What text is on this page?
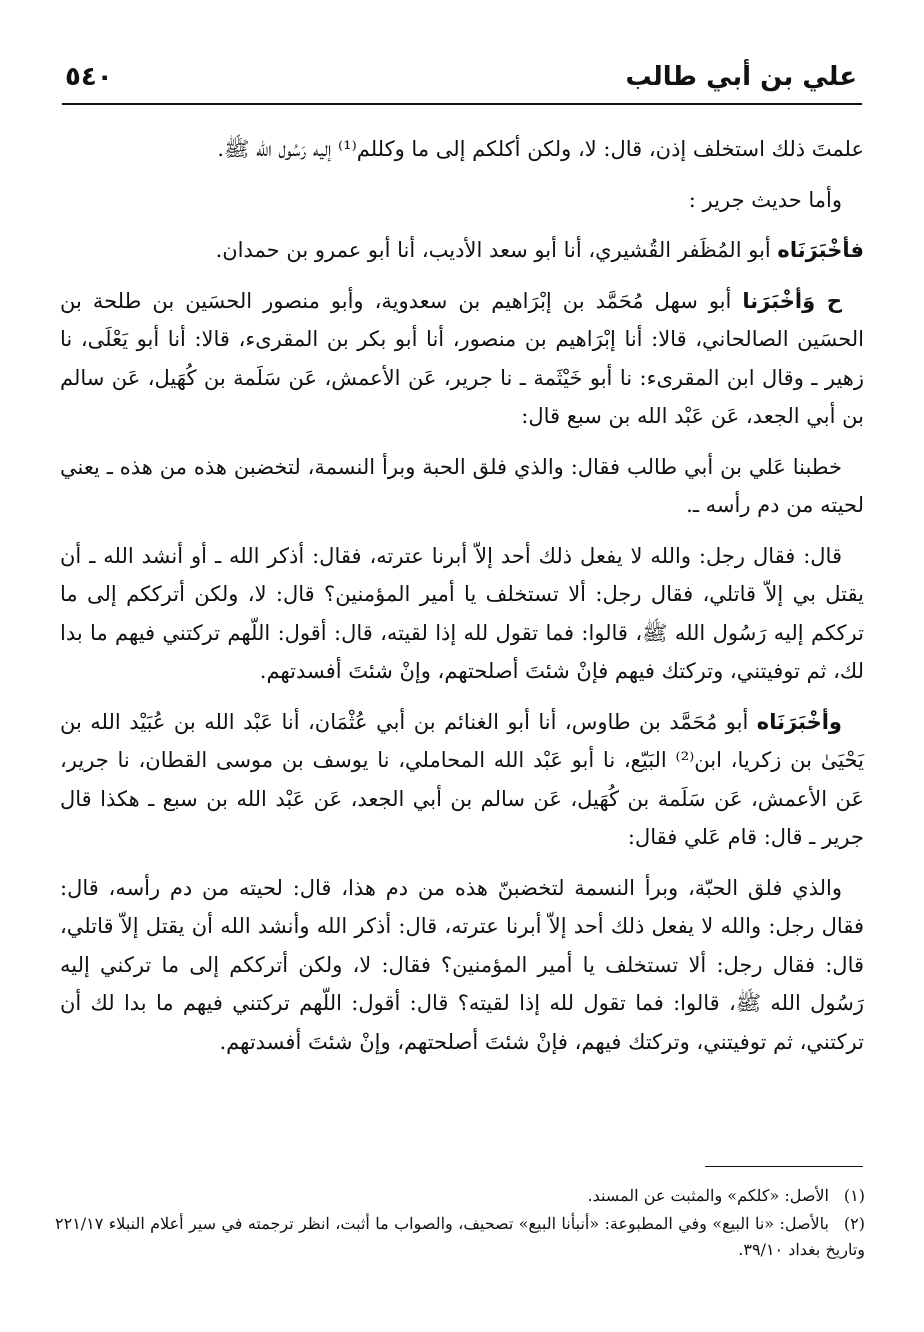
علي بن أبي طالب
٥٤٠

علمتَ ذلك استخلف إذن، قال: لا، ولكن أكلكم إلى ما وكللم⁽¹⁾ إليه رَسُول الله ﷺ.

وأما حديث جرير :

فأخْبَرَنَاه أبو المُظَفر القُشيري، أنا أبو سعد الأديب، أنا أبو عمرو بن حمدان.

ح وَأخْبَرَنا أبو سهل مُحَمَّد بن إبْرَاهيم بن سعدوية، وأبو منصور الحسَين بن طلحة بن الحسَين الصالحاني، قالا: أنا إبْرَاهيم بن منصور، أنا أبو بكر بن المقرىء، قالا: أنا أبو يَعْلَى، نا زهير ـ وقال ابن المقرىء: نا أبو خَيْثَمة ـ نا جرير، عَن الأعمش، عَن سَلَمة بن كُهَيل، عَن سالم بن أبي الجعد، عَن عَبْد الله بن سبع قال:

خطبنا عَلي بن أبي طالب فقال: والذي فلق الحبة وبرأ النسمة، لتخضبن هذه من هذه ـ يعني لحيته من دم رأسه ـ.

قال: فقال رجل: والله لا يفعل ذلك أحد إلاّ أبرنا عترته، فقال: أذكر الله ـ أو أنشد الله ـ أن يقتل بي إلاّ قاتلي، فقال رجل: ألا تستخلف يا أمير المؤمنين؟ قال: لا، ولكن أترككم إلى ما ترككم إليه رَسُول الله ﷺ، قالوا: فما تقول لله إذا لقيته، قال: أقول: اللّهم تركتني فيهم ما بدا لك، ثم توفيتني، وتركتك فيهم فإنْ شئتَ أصلحتهم، وإنْ شئتَ أفسدتهم.

وأخْبَرَنَاه أبو مُحَمَّد بن طاوس، أنا أبو الغنائم بن أبي عُثْمَان، أنا عَبْد الله بن عُبَيْد الله بن يَحْيَىٰ بن زكريا، ابن⁽²⁾ البَيّع، نا أبو عَبْد الله المحاملي، نا يوسف بن موسى القطان، نا جرير، عَن الأعمش، عَن سَلَمة بن كُهَيل، عَن سالم بن أبي الجعد، عَن عَبْد الله بن سبع ـ هكذا قال جرير ـ قال: قام عَلي فقال:

والذي فلق الحبّة، وبرأ النسمة لتخضبنّ هذه من دم هذا، قال: لحيته من دم رأسه، قال: فقال رجل: والله لا يفعل ذلك أحد إلاّ أبرنا عترته، قال: أذكر الله وأنشد الله أن يقتل إلاّ قاتلي، قال: فقال رجل: ألا تستخلف يا أمير المؤمنين؟ فقال: لا، ولكن أترككم إلى ما تركني إليه رَسُول الله ﷺ، قالوا: فما تقول لله إذا لقيته؟ قال: أقول: اللّهم تركتني فيهم ما بدا لك أن تركتني، ثم توفيتني، وتركتك فيهم، فإنْ شئتَ أصلحتهم، وإنْ شئتَ أفسدتهم.

(١)الأصل: «كلكم» والمثبت عن المسند.
(٢)بالأصل: «نا البيع» وفي المطبوعة: «أنبأنا البيع» تصحيف، والصواب ما أثبت، انظر ترجمته في سير أعلام النبلاء ٢٢١/١٧ وتاريخ بغداد ٣٩/١٠.
